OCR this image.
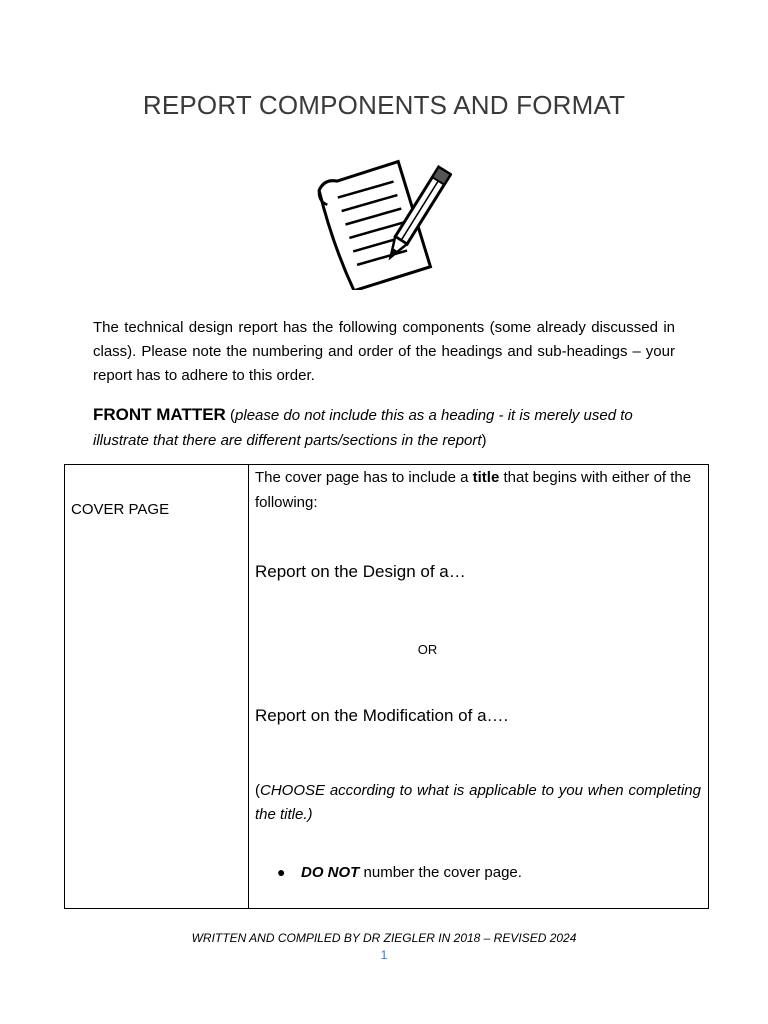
REPORT COMPONENTS AND FORMAT
The technical design report has the following components (some already discussed in class). Please note the numbering and order of the headings and sub-headings – your report has to adhere to this order.
FRONT MATTER (please do not include this as a heading - it is merely used to illustrate that there are different parts/sections in the report)
COVER PAGE
The cover page has to include a title that begins with either of the following:
Report on the Design of a…
OR
Report on the Modification of a….
(CHOOSE according to what is applicable to you when completing the title.)
● DO NOT number the cover page.
WRITTEN AND COMPILED BY DR ZIEGLER IN 2018 – REVISED 2024
1
